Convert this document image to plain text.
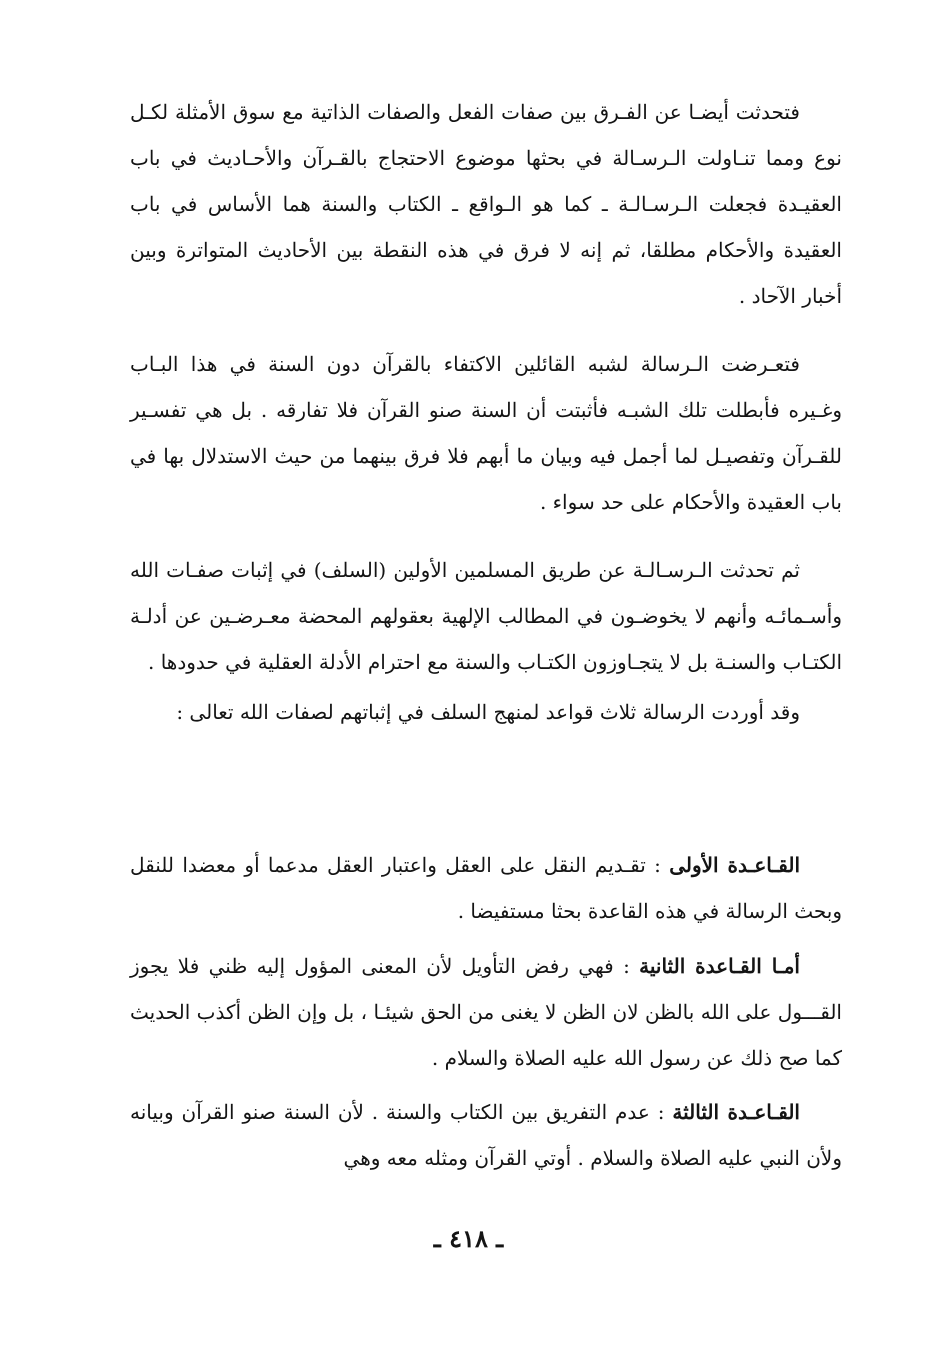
فتحدثت أيضـا عن الفـرق بين صفات الفعل والصفات الذاتية مع سوق الأمثلة لكـل نوع ومما تنـاولت الـرسـالة في بحثها موضوع الاحتجاج بالقـرآن والأحـاديث في باب العقيـدة فجعلت الـرسـالـة ـ كما هو الـواقع ـ الكتاب والسنة هما الأساس في باب العقيدة والأحكام مطلقا، ثم إنه لا فرق في هذه النقطة بين الأحاديث المتواترة وبين أخبار الآحاد .

فتعـرضت الـرسالة لشبه القائلين الاكتفاء بالقرآن دون السنة في هذا البـاب وغـيره فأبطلت تلك الشبـه فأثبتت أن السنة صنو القرآن فلا تفارقه . بل هي تفسـير للقـرآن وتفصيـل لما أجمل فيه وبيان ما أبهم فلا فرق بينهما من حيث الاستدلال بها في باب العقيدة والأحكام على حد سواء .

ثم تحدثت الـرسـالـة عن طريق المسلمين الأولين (السلف) في إثبات صفـات الله وأسـمائـه وأنهم لا يخوضـون في المطالب الإلهية بعقولهم المحضة معـرضـين عن أدلـة الكتـاب والسنـة بل لا يتجـاوزون الكتـاب والسنة مع احترام الأدلة العقلية في حدودها .

وقد أوردت الرسالة ثلاث قواعد لمنهج السلف في إثباتهم لصفات الله تعالى :

القـاعـدة الأولى : تقـديم النقل على العقل واعتبار العقل مدعما أو معضدا للنقل وبحث الرسالة في هذه القاعدة بحثا مستفيضا .

أمـا القـاعدة الثانية : فهي رفض التأويل لأن المعنى المؤول إليه ظني فلا يجوز القـــول على الله بالظن لان الظن لا يغنى من الحق شيئـا ، بل وإن الظن أكذب الحديث كما صح ذلك عن رسول الله عليه الصلاة والسلام .

القـاعـدة الثالثة : عدم التفريق بين الكتاب والسنة . لأن السنة صنو القرآن وبيانه ولأن النبي عليه الصلاة والسلام . أوتي القرآن ومثله معه وهي

ـ ٤١٨ ـ
